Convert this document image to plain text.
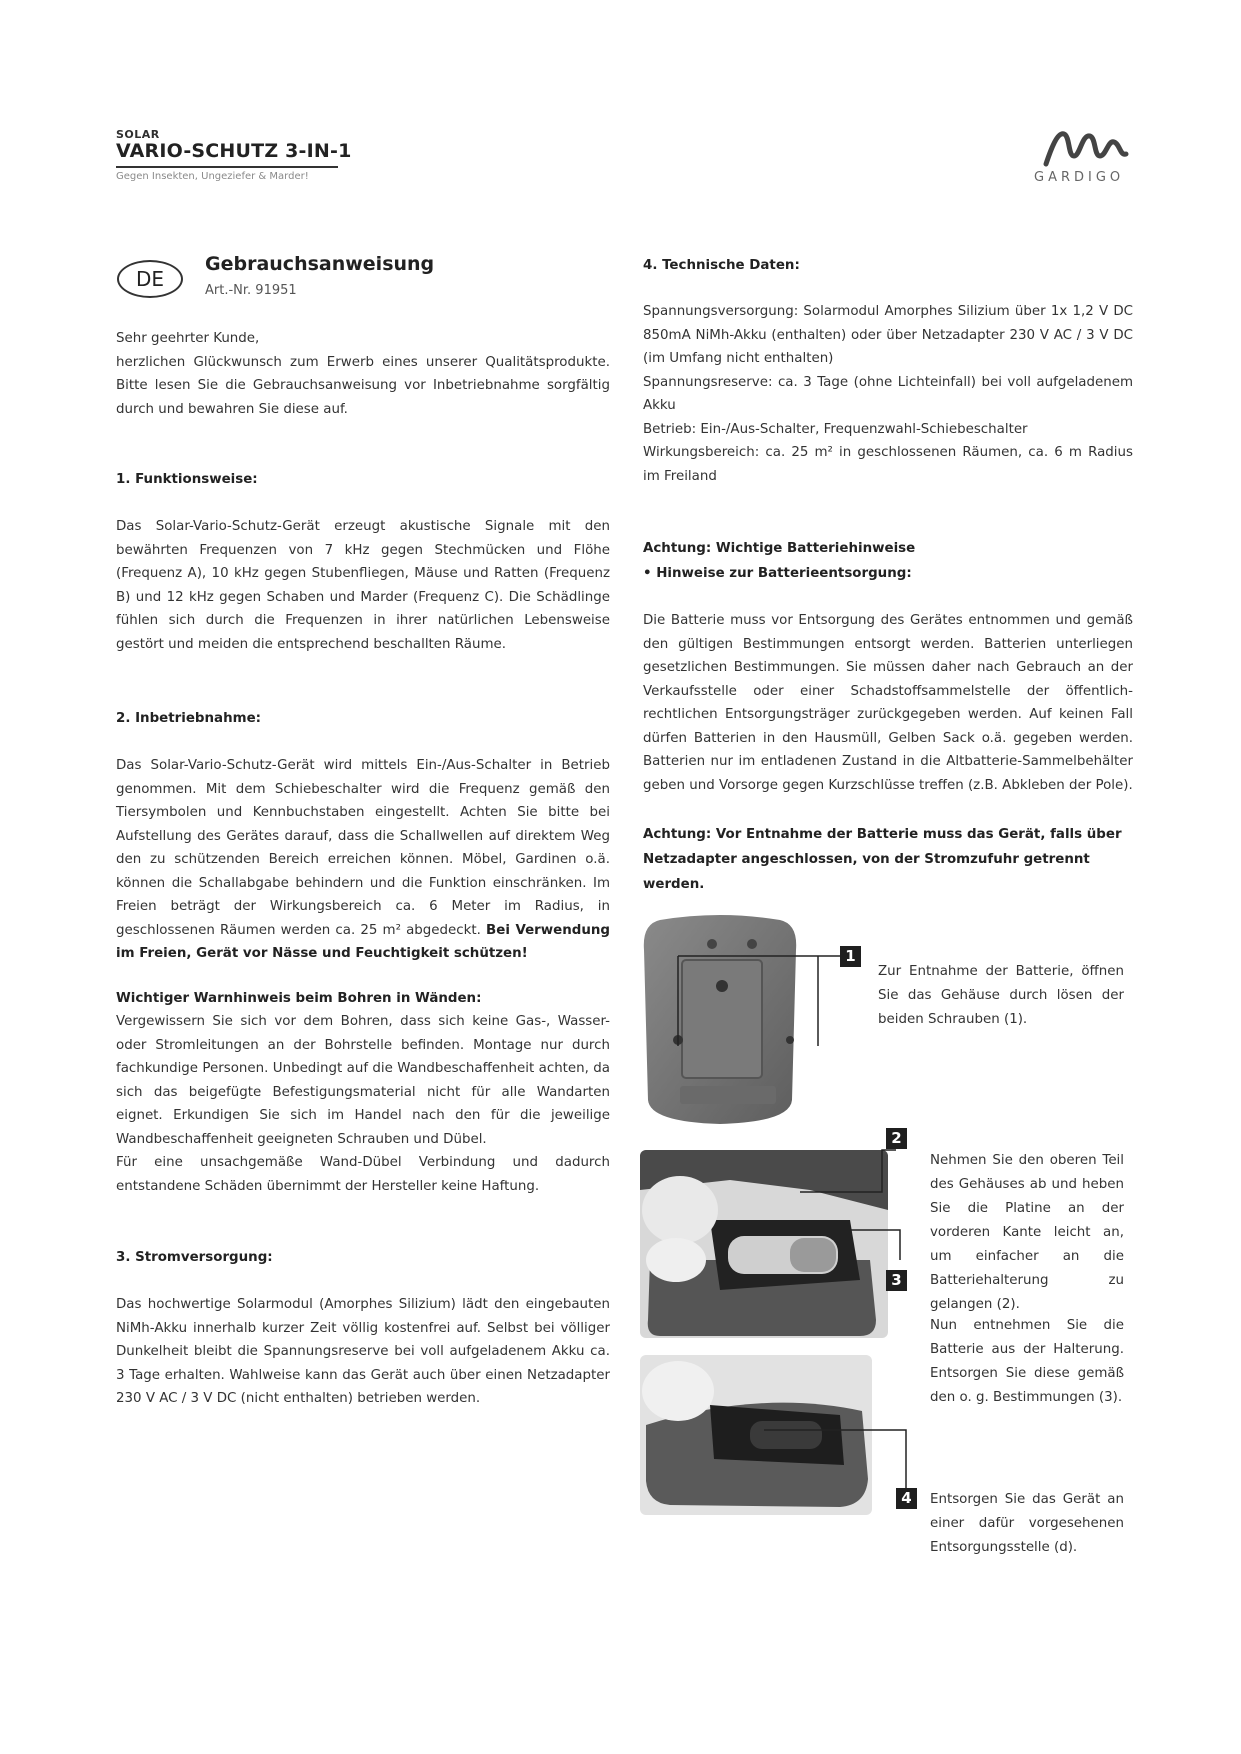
SOLAR
VARIO-SCHUTZ 3-IN-1
Gegen Insekten, Ungeziefer & Marder!	GARDIGO
DE
Gebrauchsanweisung
Art.-Nr. 91951

Sehr geehrter Kunde,

herzlichen Glückwunsch zum Erwerb eines unserer Qualitätsprodukte. Bitte lesen Sie die Gebrauchsanweisung vor Inbetriebnahme sorgfältig durch und bewahren Sie diese auf.

1. Funktionsweise:
Das Solar-Vario-Schutz-Gerät erzeugt akustische Signale mit den bewährten Frequenzen von 7 kHz gegen Stechmücken und Flöhe (Frequenz A), 10 kHz gegen Stubenfliegen, Mäuse und Ratten (Frequenz B) und 12 kHz gegen Schaben und Marder (Frequenz C). Die Schädlinge fühlen sich durch die Frequenzen in ihrer natürlichen Lebensweise gestört und meiden die entsprechend beschallten Räume.
2. Inbetriebnahme:
Das Solar-Vario-Schutz-Gerät wird mittels Ein-/Aus-Schalter in Betrieb genommen. Mit dem Schiebeschalter wird die Frequenz gemäß den Tiersymbolen und Kennbuchstaben eingestellt. Achten Sie bitte bei Aufstellung des Gerätes darauf, dass die Schallwellen auf direktem Weg den zu schützenden Bereich erreichen können. Möbel, Gardinen o.ä. können die Schallabgabe behindern und die Funktion einschränken. Im Freien beträgt der Wirkungsbereich ca. 6 Meter im Radius, in geschlossenen Räumen werden ca. 25 m² abgedeckt. Bei Verwendung im Freien, Gerät vor Nässe und Feuchtigkeit schützen!
Wichtiger Warnhinweis beim Bohren in Wänden:

Vergewissern Sie sich vor dem Bohren, dass sich keine Gas-, Wasser- oder Stromleitungen an der Bohrstelle befinden. Montage nur durch fachkundige Personen. Unbedingt auf die Wandbeschaffenheit achten, da sich das beigefügte Befestigungsmaterial nicht für alle Wandarten eignet. Erkundigen Sie sich im Handel nach den für die jeweilige Wandbeschaffenheit geeigneten Schrauben und Dübel.

Für eine unsachgemäße Wand-Dübel Verbindung und dadurch entstandene Schäden übernimmt der Hersteller keine Haftung.

3. Stromversorgung:
Das hochwertige Solarmodul (Amorphes Silizium) lädt den eingebauten NiMh-Akku innerhalb kurzer Zeit völlig kostenfrei auf. Selbst bei völliger Dunkelheit bleibt die Spannungsreserve bei voll aufgeladenem Akku ca. 3 Tage erhalten. Wahlweise kann das Gerät auch über einen Netzadapter 230 V AC / 3 V DC (nicht enthalten) betrieben werden.
4. Technische Daten:

Spannungsversorgung: Solarmodul Amorphes Silizium über 1x 1,2 V DC 850mA NiMh-Akku (enthalten) oder über Netzadapter 230 V AC / 3 V DC (im Umfang nicht enthalten)

Spannungsreserve: ca. 3 Tage (ohne Lichteinfall) bei voll aufgeladenem Akku

Betrieb: Ein-/Aus-Schalter, Frequenzwahl-Schiebeschalter

Wirkungsbereich: ca. 25 m² in geschlossenen Räumen, ca. 6 m Radius im Freiland

Achtung: Wichtige Batteriehinweise
• Hinweise zur Batterieentsorgung:
Die Batterie muss vor Entsorgung des Gerätes entnommen und gemäß den gültigen Bestimmungen entsorgt werden. Batterien unterliegen gesetzlichen Bestimmungen. Sie müssen daher nach Gebrauch an der Verkaufsstelle oder einer Schadstoffsammelstelle der öffentlich-rechtlichen Entsorgungsträger zurückgegeben werden. Auf keinen Fall dürfen Batterien in den Hausmüll, Gelben Sack o.ä. gegeben werden. Batterien nur im entladenen Zustand in die Altbatterie-Sammelbehälter geben und Vorsorge gegen Kurzschlüsse treffen (z.B. Abkleben der Pole).
Achtung: Vor Entnahme der Batterie muss das Gerät, falls über Netzadapter angeschlossen, von der Stromzufuhr getrennt werden.
1
Zur Entnahme der Batterie, öffnen Sie das Gehäuse durch lösen der beiden Schrauben (1).
2
3
Nehmen Sie den oberen Teil des Gehäuses ab und heben Sie die Platine an der vorderen Kante leicht an, um einfacher an die Batteriehalterung zu gelangen (2).
Nun entnehmen Sie die Batterie aus der Halterung. Entsorgen Sie diese gemäß den o. g. Bestimmungen (3).
4	Entsorgen Sie das Gerät an einer dafür vorgesehenen Entsorgungsstelle (d).
